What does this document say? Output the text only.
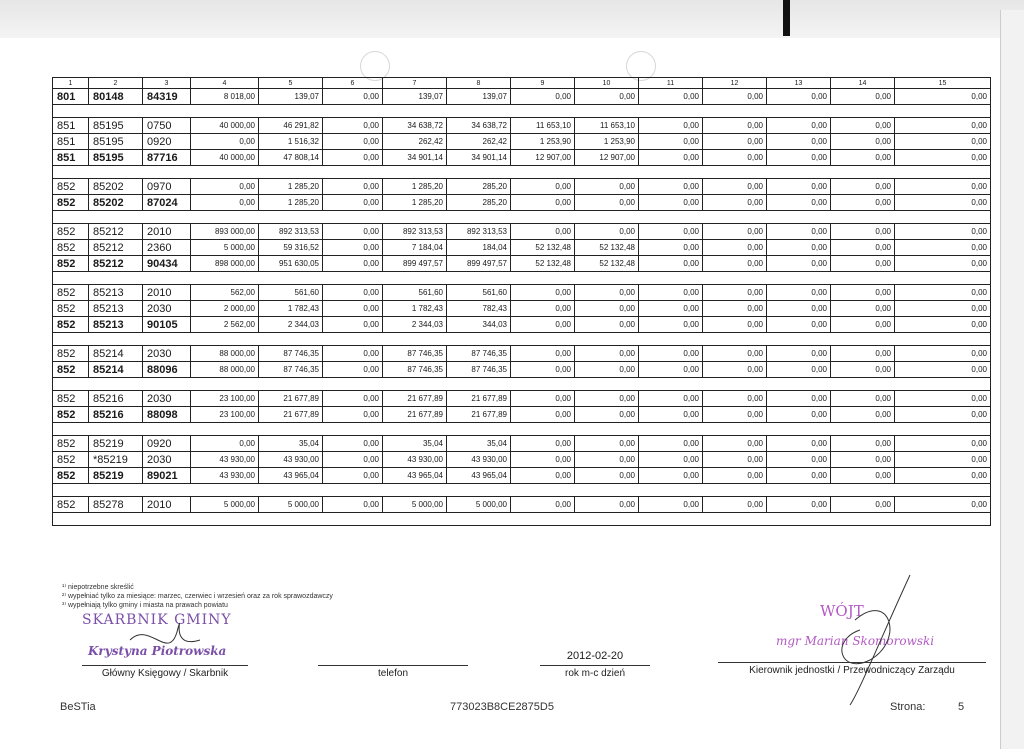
1	2	3	4	5	6	7	8	9	10	11	12	13	14	15
801	80148	84319	8 018,00	139,07	0,00	139,07	139,07	0,00	0,00	0,00	0,00	0,00	0,00	0,00

851	85195	0750	40 000,00	46 291,82	0,00	34 638,72	34 638,72	11 653,10	11 653,10	0,00	0,00	0,00	0,00	0,00
851	85195	0920	0,00	1 516,32	0,00	262,42	262,42	1 253,90	1 253,90	0,00	0,00	0,00	0,00	0,00
851	85195	87716	40 000,00	47 808,14	0,00	34 901,14	34 901,14	12 907,00	12 907,00	0,00	0,00	0,00	0,00	0,00

852	85202	0970	0,00	1 285,20	0,00	1 285,20	285,20	0,00	0,00	0,00	0,00	0,00	0,00	0,00
852	85202	87024	0,00	1 285,20	0,00	1 285,20	285,20	0,00	0,00	0,00	0,00	0,00	0,00	0,00

852	85212	2010	893 000,00	892 313,53	0,00	892 313,53	892 313,53	0,00	0,00	0,00	0,00	0,00	0,00	0,00
852	85212	2360	5 000,00	59 316,52	0,00	7 184,04	184,04	52 132,48	52 132,48	0,00	0,00	0,00	0,00	0,00
852	85212	90434	898 000,00	951 630,05	0,00	899 497,57	899 497,57	52 132,48	52 132,48	0,00	0,00	0,00	0,00	0,00

852	85213	2010	562,00	561,60	0,00	561,60	561,60	0,00	0,00	0,00	0,00	0,00	0,00	0,00
852	85213	2030	2 000,00	1 782,43	0,00	1 782,43	782,43	0,00	0,00	0,00	0,00	0,00	0,00	0,00
852	85213	90105	2 562,00	2 344,03	0,00	2 344,03	344,03	0,00	0,00	0,00	0,00	0,00	0,00	0,00

852	85214	2030	88 000,00	87 746,35	0,00	87 746,35	87 746,35	0,00	0,00	0,00	0,00	0,00	0,00	0,00
852	85214	88096	88 000,00	87 746,35	0,00	87 746,35	87 746,35	0,00	0,00	0,00	0,00	0,00	0,00	0,00

852	85216	2030	23 100,00	21 677,89	0,00	21 677,89	21 677,89	0,00	0,00	0,00	0,00	0,00	0,00	0,00
852	85216	88098	23 100,00	21 677,89	0,00	21 677,89	21 677,89	0,00	0,00	0,00	0,00	0,00	0,00	0,00

852	85219	0920	0,00	35,04	0,00	35,04	35,04	0,00	0,00	0,00	0,00	0,00	0,00	0,00
852	*85219	2030	43 930,00	43 930,00	0,00	43 930,00	43 930,00	0,00	0,00	0,00	0,00	0,00	0,00	0,00
852	85219	89021	43 930,00	43 965,04	0,00	43 965,04	43 965,04	0,00	0,00	0,00	0,00	0,00	0,00	0,00

852	85278	2010	5 000,00	5 000,00	0,00	5 000,00	5 000,00	0,00	0,00	0,00	0,00	0,00	0,00	0,00

¹⁾ niepotrzebne skreślić
²⁾ wypełniać tylko za miesiące: marzec, czerwiec i wrzesień oraz za rok sprawozdawczy
³⁾ wypełniają tylko gminy i miasta na prawach powiatu
SKARBNIK GMINY
Krystyna Piotrowska
WÓJT
mgr Marian Skomorowski
Główny Księgowy / Skarbnik	telefon
2012-02-20
rok m-c dzień	Kierownik jednostki / Przewodniczący Zarządu
BeSTia	773023B8CE2875D5	Strona:	5
